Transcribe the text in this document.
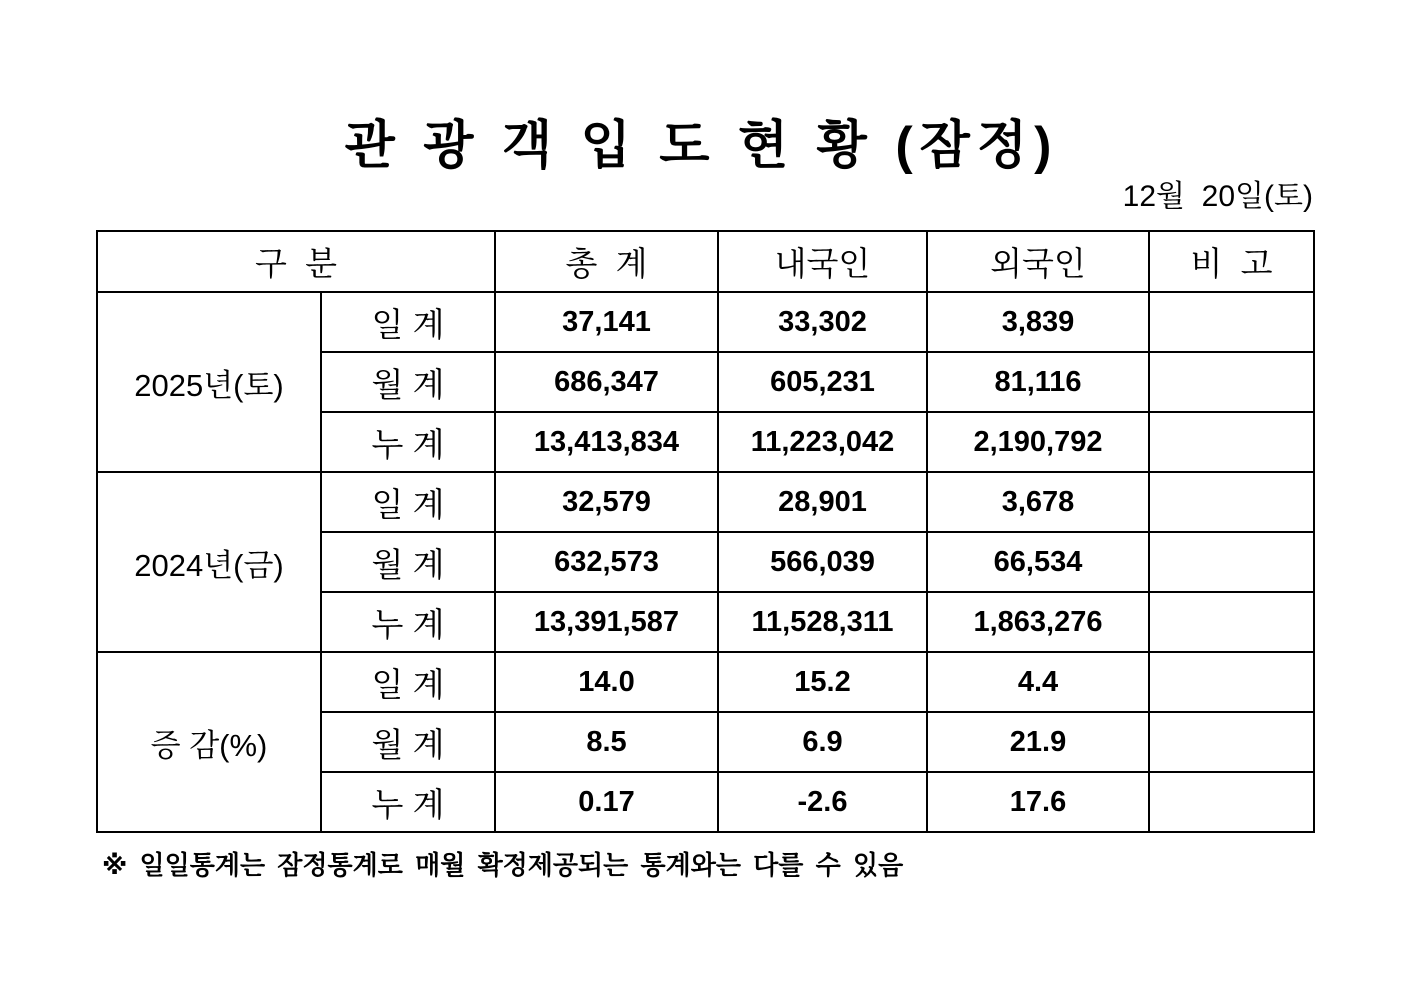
관 광 객 입 도 현 황 (잠정)
12월  20일(토)
구  분		총  계	내국인	외국인	비  고
2025년(토)	일 계	37,141	33,302	3,839	
	월 계	686,347	605,231	81,116	
	누 계	13,413,834	11,223,042	2,190,792	
2024년(금)	일 계	32,579	28,901	3,678	
	월 계	632,573	566,039	66,534	
	누 계	13,391,587	11,528,311	1,863,276	
증 감(%)	일 계	14.0	15.2	4.4	
	월 계	8.5	6.9	21.9	
	누 계	0.17	-2.6	17.6	
※ 일일통계는 잠정통계로 매월 확정제공되는 통계와는 다를 수 있음
